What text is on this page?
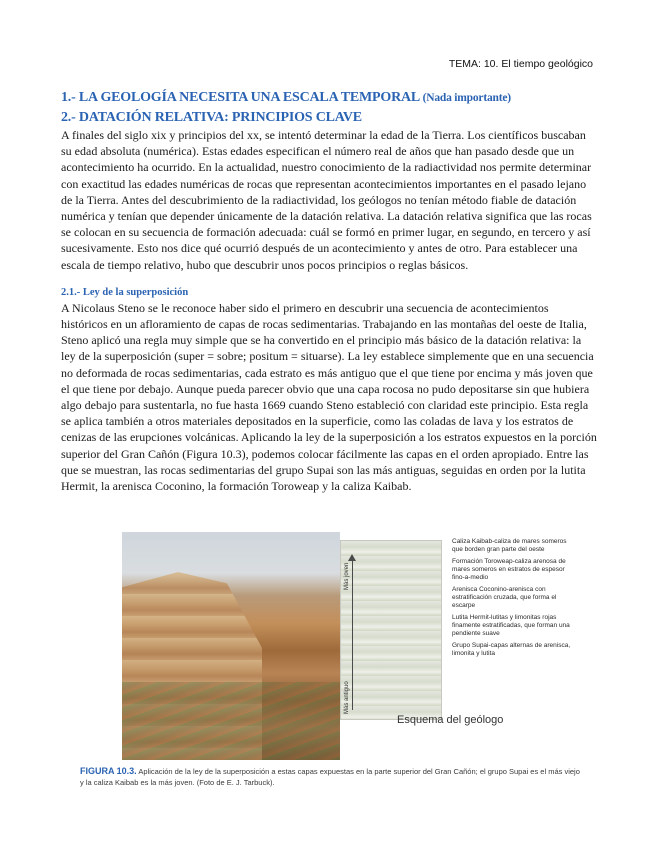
TEMA: 10. El tiempo geológico
1.- LA GEOLOGÍA NECESITA UNA ESCALA TEMPORAL (Nada importante)
2.- DATACIÓN RELATIVA: PRINCIPIOS CLAVE

A finales del siglo xix y principios del xx, se intentó determinar la edad de la Tierra. Los científicos buscaban su edad absoluta (numérica). Estas edades especifican el número real de años que han pasado desde que un acontecimiento ha ocurrido. En la actualidad, nuestro conocimiento de la radiactividad nos permite determinar con exactitud las edades numéricas de rocas que representan acontecimientos importantes en el pasado lejano de la Tierra. Antes del descubrimiento de la radiactividad, los geólogos no tenían método fiable de datación numérica y tenían que depender únicamente de la datación relativa. La datación relativa significa que las rocas se colocan en su secuencia de formación adecuada: cuál se formó en primer lugar, en segundo, en tercero y así sucesivamente. Esto nos dice qué ocurrió después de un acontecimiento y antes de otro. Para establecer una escala de tiempo relativo, hubo que descubrir unos pocos principios o reglas básicos.

2.1.- Ley de la superposición

A Nicolaus Steno se le reconoce haber sido el primero en descubrir una secuencia de acontecimientos históricos en un afloramiento de capas de rocas sedimentarias. Trabajando en las montañas del oeste de Italia, Steno aplicó una regla muy simple que se ha convertido en el principio más básico de la datación relativa: la ley de la superposición (super = sobre; positum = situarse). La ley establece simplemente que en una secuencia no deformada de rocas sedimentarias, cada estrato es más antiguo que el que tiene por encima y más joven que el que tiene por debajo. Aunque pueda parecer obvio que una capa rocosa no pudo depositarse sin que hubiera algo debajo para sustentarla, no fue hasta 1669 cuando Steno estableció con claridad este principio. Esta regla se aplica también a otros materiales depositados en la superficie, como las coladas de lava y los estratos de cenizas de las erupciones volcánicas. Aplicando la ley de la superposición a los estratos expuestos en la porción superior del Gran Cañón (Figura 10.3), podemos colocar fácilmente las capas en el orden apropiado. Entre las que se muestran, las rocas sedimentarias del grupo Supai son las más antiguas, seguidas en orden por la lutita Hermit, la arenisca Coconino, la formación Toroweap y la caliza Kaibab.

Más joven
Más antiguo
Caliza Kaibab-caliza de mares someros que borden gran parte del oeste
Formación Toroweap-caliza arenosa de mares someros en estratos de espesor fino-a-medio
Arenisca Coconino-arenisca con estratificación cruzada, que forma el escarpe
Lutita Hermit-lutitas y limonitas rojas finamente estratificadas, que forman una pendiente suave
Grupo Supai-capas alternas de arenisca, limonita y lutita
Esquema del geólogo
FIGURA 10.3. Aplicación de la ley de la superposición a estas capas expuestas en la parte superior del Gran Cañón; el grupo Supai es el más viejo y la caliza Kaibab es la más joven. (Foto de E. J. Tarbuck).
